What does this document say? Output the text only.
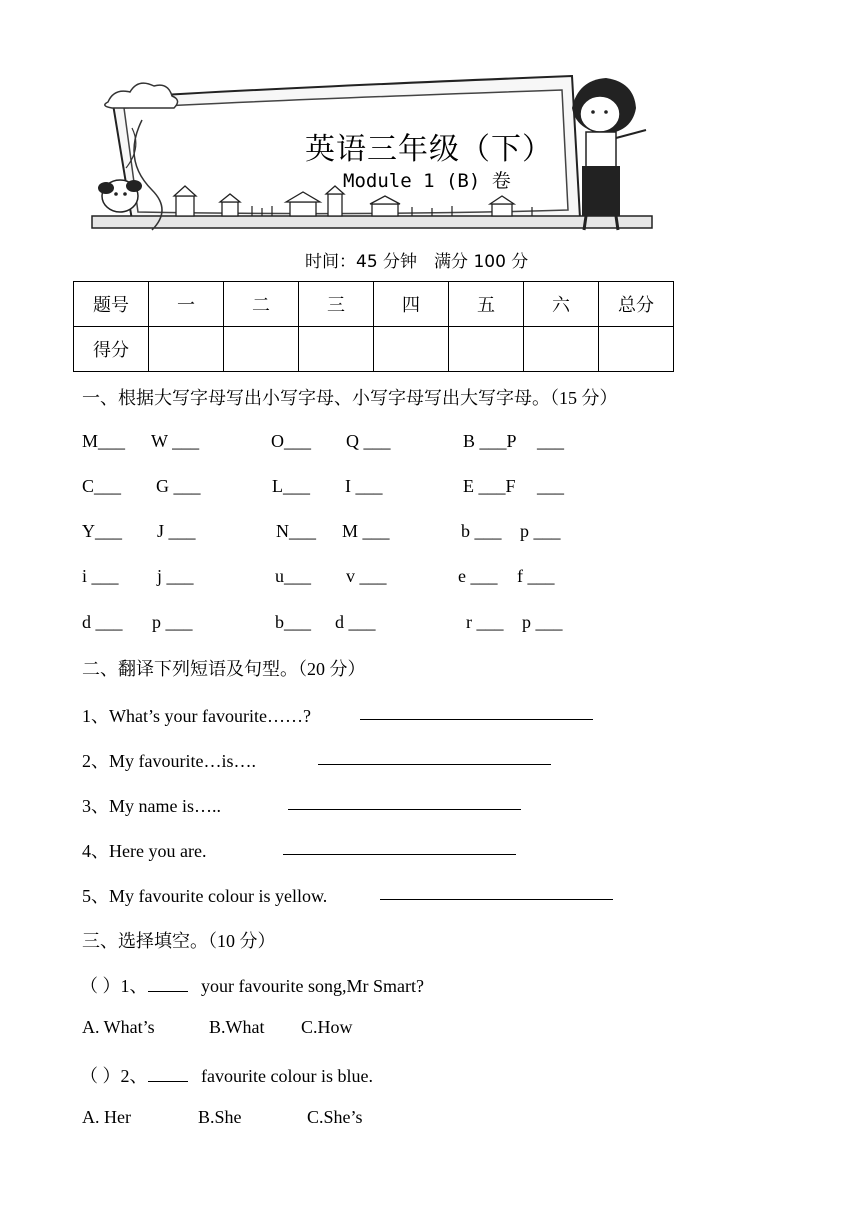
英语三年级（下）
Module 1 (B) 卷
时间：45 分钟　满分 100 分
题号	一	二	三	四	五	六	总分
得分							
一、根据大写字母写出小写字母、小写字母写出大写字母。（15 分）
M___ W ___	O___ Q ___	B ___P ___
C___ G ___	L___ I ___	E ___F ___
Y___ J ___	N___ M ___	b ___ p ___
i ___ j ___	u___ v ___	e ___ f ___
d ___ p ___	b___ d ___	r ___ p ___
二、翻译下列短语及句型。（20 分）
1、What’s your favourite……?
2、My favourite…is….
3、My name is…..
4、Here you are.
5、My favourite colour is yellow.
三、选择填空。（10 分）
（ ）1、	your favourite song,Mr Smart?
A. What’s	B.What C.How
（ ）2、	favourite colour is blue.
A. Her	B.She	C.She’s
